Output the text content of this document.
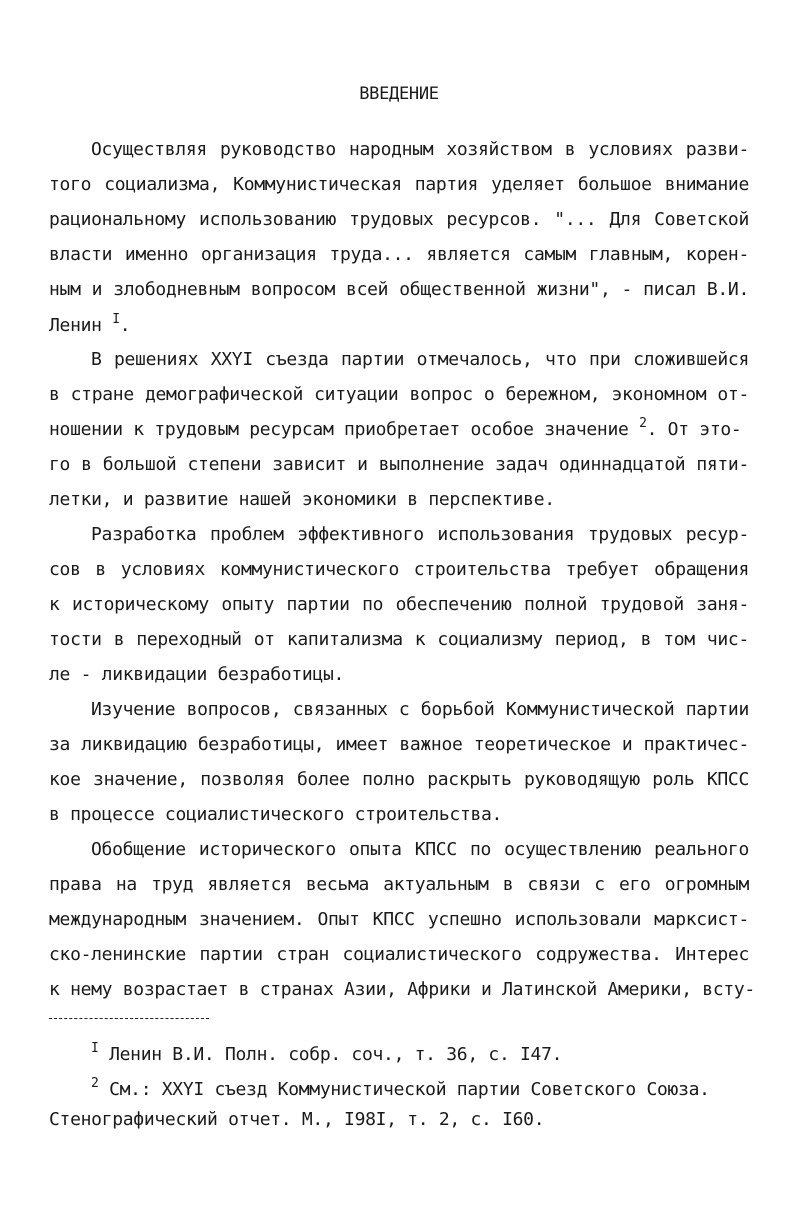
ВВЕДЕНИЕ
Осуществляя руководство народным хозяйством в условиях разви-
того социализма, Коммунистическая партия уделяет большое внимание
рациональному использованию трудовых ресурсов. "... Для Советской
власти именно организация труда... является самым главным, корен-
ным и злободневным вопросом всей общественной жизни", - писал В.И.
Ленин $^I$.
В решениях XXYI съезда партии отмечалось, что при сложившейся
в стране демографической ситуации вопрос о бережном, экономном от-
ношении к трудовым ресурсам приобретает особое значение $^2$. От это-
го в большой степени зависит и выполнение задач одиннадцатой пяти-
летки, и развитие нашей экономики в перспективе.
Разработка проблем эффективного использования трудовых ресур-
сов в условиях коммунистического строительства требует обращения
к историческому опыту партии по обеспечению полной трудовой заня-
тости в переходный от капитализма к социализму период, в том чис-
ле - ликвидации безработицы.
Изучение вопросов, связанных с борьбой Коммунистической партии
за ликвидацию безработицы, имеет важное теоретическое и практичес-
кое значение, позволяя более полно раскрыть руководящую роль КПСС
в процессе социалистического строительства.
Обобщение исторического опыта КПСС по осуществлению реального
права на труд является весьма актуальным в связи с его огромным
международным значением. Опыт КПСС успешно использовали марксист-
ско-ленинские партии стран социалистического содружества. Интерес
к нему возрастает в странах Азии, Африки и Латинской Америки, всту-
$^I$ Ленин В.И. Полн. собр. соч., т. 36, с. I47.
$^2$ См.: XXYI съезд Коммунистической партии Советского Союза.
Стенографический отчет. М., I98I, т. 2, с. I60.
